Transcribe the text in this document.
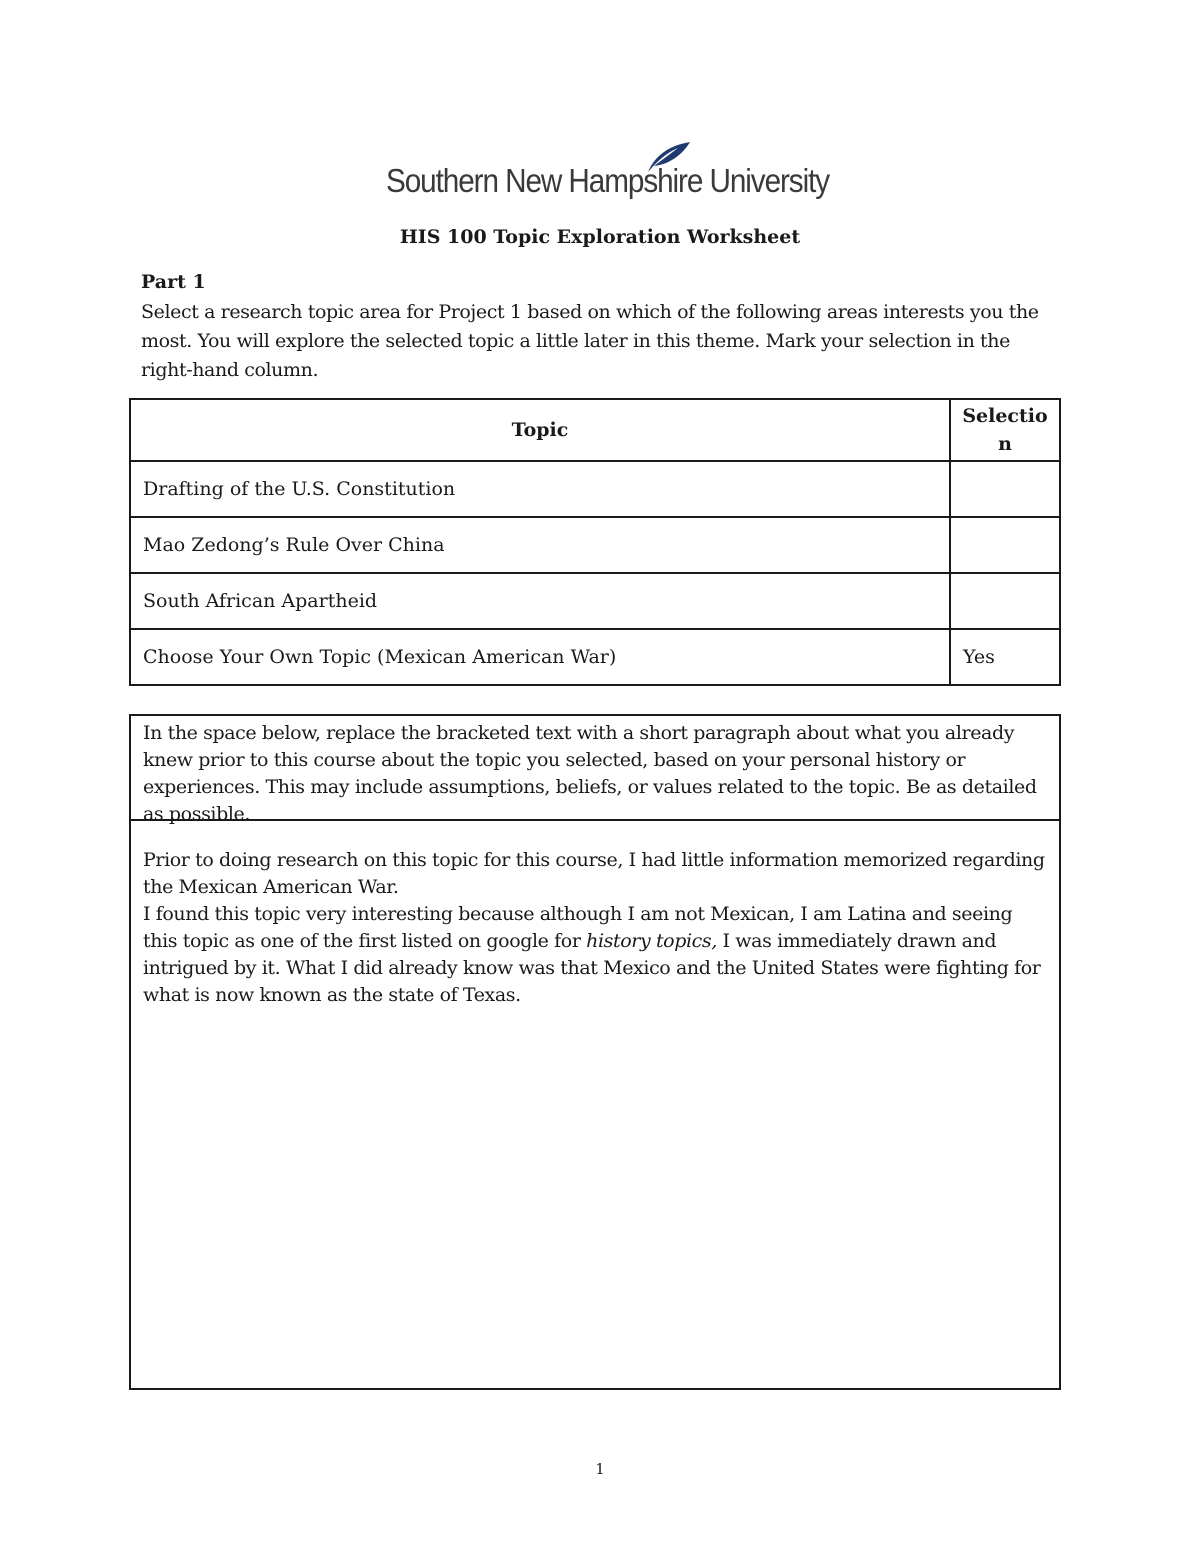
Southern New Hampshire University
HIS 100 Topic Exploration Worksheet
Part 1
Select a research topic area for Project 1 based on which of the following areas interests you the most. You will explore the selected topic a little later in this theme. Mark your selection in the right-hand column.
Topic	Selectio
n
Drafting of the U.S. Constitution	
Mao Zedong’s Rule Over China	
South African Apartheid	
Choose Your Own Topic (Mexican American War)	Yes
In the space below, replace the bracketed text with a short paragraph about what you already knew prior to this course about the topic you selected, based on your personal history or experiences. This may include assumptions, beliefs, or values related to the topic. Be as detailed as possible.

Prior to doing research on this topic for this course, I had little information memorized regarding the Mexican American War.

I found this topic very interesting because although I am not Mexican, I am Latina and seeing this topic as one of the first listed on google for history topics, I was immediately drawn and intrigued by it. What I did already know was that Mexico and the United States were fighting for what is now known as the state of Texas.

1
